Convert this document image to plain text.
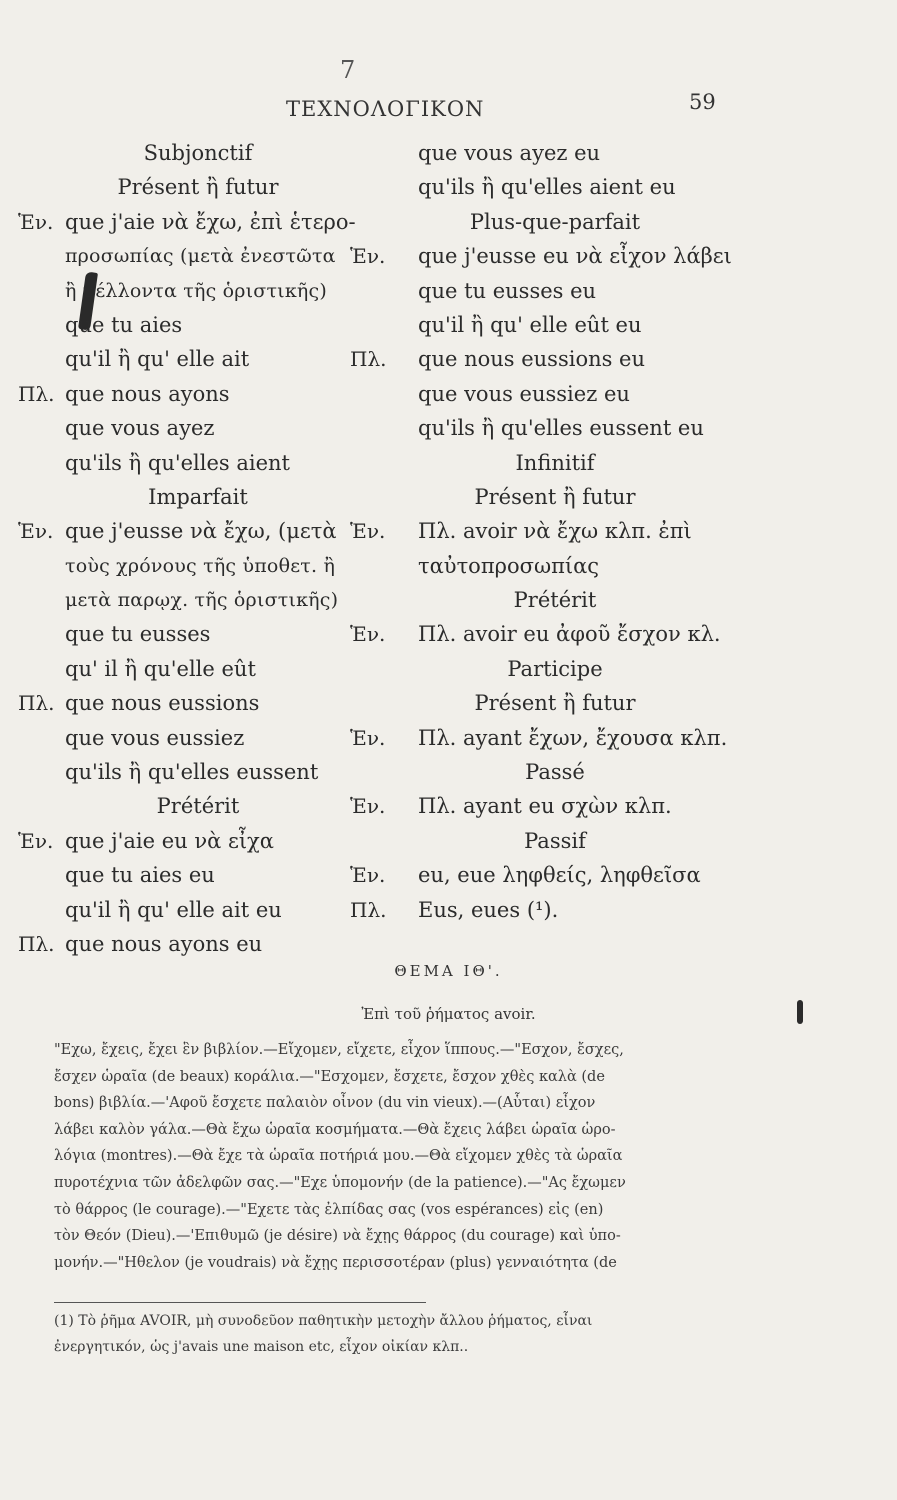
7
ΤΕΧΝΟΛΟΓΙΚΟΝ	59
Subjonctif
Présent ἢ futur
Ἑν. que j'aie νὰ ἔχω, ἐπὶ ἑτερο-
προσωπίας (μετὰ ἐνεστῶτα
ἢ μέλλοντα τῆς ὁριστικῆς)
que tu aies
qu'il ἢ qu' elle ait
Πλ. que nous ayons
que vous ayez
qu'ils ἢ qu'elles aient
Imparfait
Ἑν. que j'eusse νὰ ἔχω, (μετὰ
τοὺς χρόνους τῆς ὑποθετ. ἢ
μετὰ παρῳχ. τῆς ὁριστικῆς)
que tu eusses
qu' il ἢ qu'elle eût
Πλ. que nous eussions
que vous eussiez
qu'ils ἢ qu'elles eussent
Prétérit
Ἑν. que j'aie eu νὰ εἶχα
que tu aies eu
qu'il ἢ qu' elle ait eu
Πλ. que nous ayons eu
que vous ayez eu
qu'ils ἢ qu'elles aient eu
Plus-que-parfait
Ἑν. que j'eusse eu νὰ εἶχον λάβει
que tu eusses eu
qu'il ἢ qu' elle eût eu
Πλ. que nous eussions eu
que vous eussiez eu
qu'ils ἢ qu'elles eussent eu
Infinitif
Présent ἢ futur
Ἑν. Πλ. avoir νὰ ἔχω κλπ. ἐπὶ
ταὐτοπροσωπίας
Prétérit
Ἑν. Πλ. avoir eu ἀφοῦ ἔσχον κλ.
Participe
Présent ἢ futur
Ἑν. Πλ. ayant ἔχων, ἔχουσα κλπ.
Passé
Ἑν. Πλ. ayant eu σχὼν κλπ.
Passif
Ἑν. eu, eue ληφθείς, ληφθεῖσα
Πλ. Eus, eues (¹).
ΘΕΜΑ ΙΘ'.
Ἐπὶ τοῦ ῥήματος avoir.
"Εχω, ἔχεις, ἔχει ἓν βιβλίον.—Εἴχομεν, εἴχετε, εἶχον ἵππους.—"Εσχον, ἔσχες,
ἔσχεν ὡραῖα (de beaux) κοράλια.—"Εσχομεν, ἔσχετε, ἔσχον χθὲς καλὰ (de
bons) βιβλία.—'Αφοῦ ἔσχετε παλαιὸν οἶνον (du vin vieux).—(Αὗται) εἶχον
λάβει καλὸν γάλα.—Θὰ ἔχω ὡραῖα κοσμήματα.—Θὰ ἔχεις λάβει ὡραῖα ὡρο-
λόγια (montres).—Θὰ ἔχε τὰ ὡραῖα ποτήριά μου.—Θὰ εἴχομεν χθὲς τὰ ὡραῖα
πυροτέχνια τῶν ἀδελφῶν σας.—"Εχε ὑπομονήν (de la patience).—"Ας ἔχωμεν
τὸ θάρρος (le courage).—"Εχετε τὰς ἐλπίδας σας (vos espérances) εἰς (en)
τὸν Θεόν (Dieu).—'Επιθυμῶ (je désire) νὰ ἔχῃς θάρρος (du courage) καὶ ὑπο-
μονήν.—"Ηθελον (je voudrais) νὰ ἔχῃς περισσοτέραν (plus) γενναιότητα (de
(1) Τὸ ῥῆμα AVOIR, μὴ συνοδεῦον παθητικὴν μετοχὴν ἄλλου ῥήματος, εἶναι
ἐνεργητικόν, ὡς j'avais une maison etc, εἶχον οἰκίαν κλπ..
